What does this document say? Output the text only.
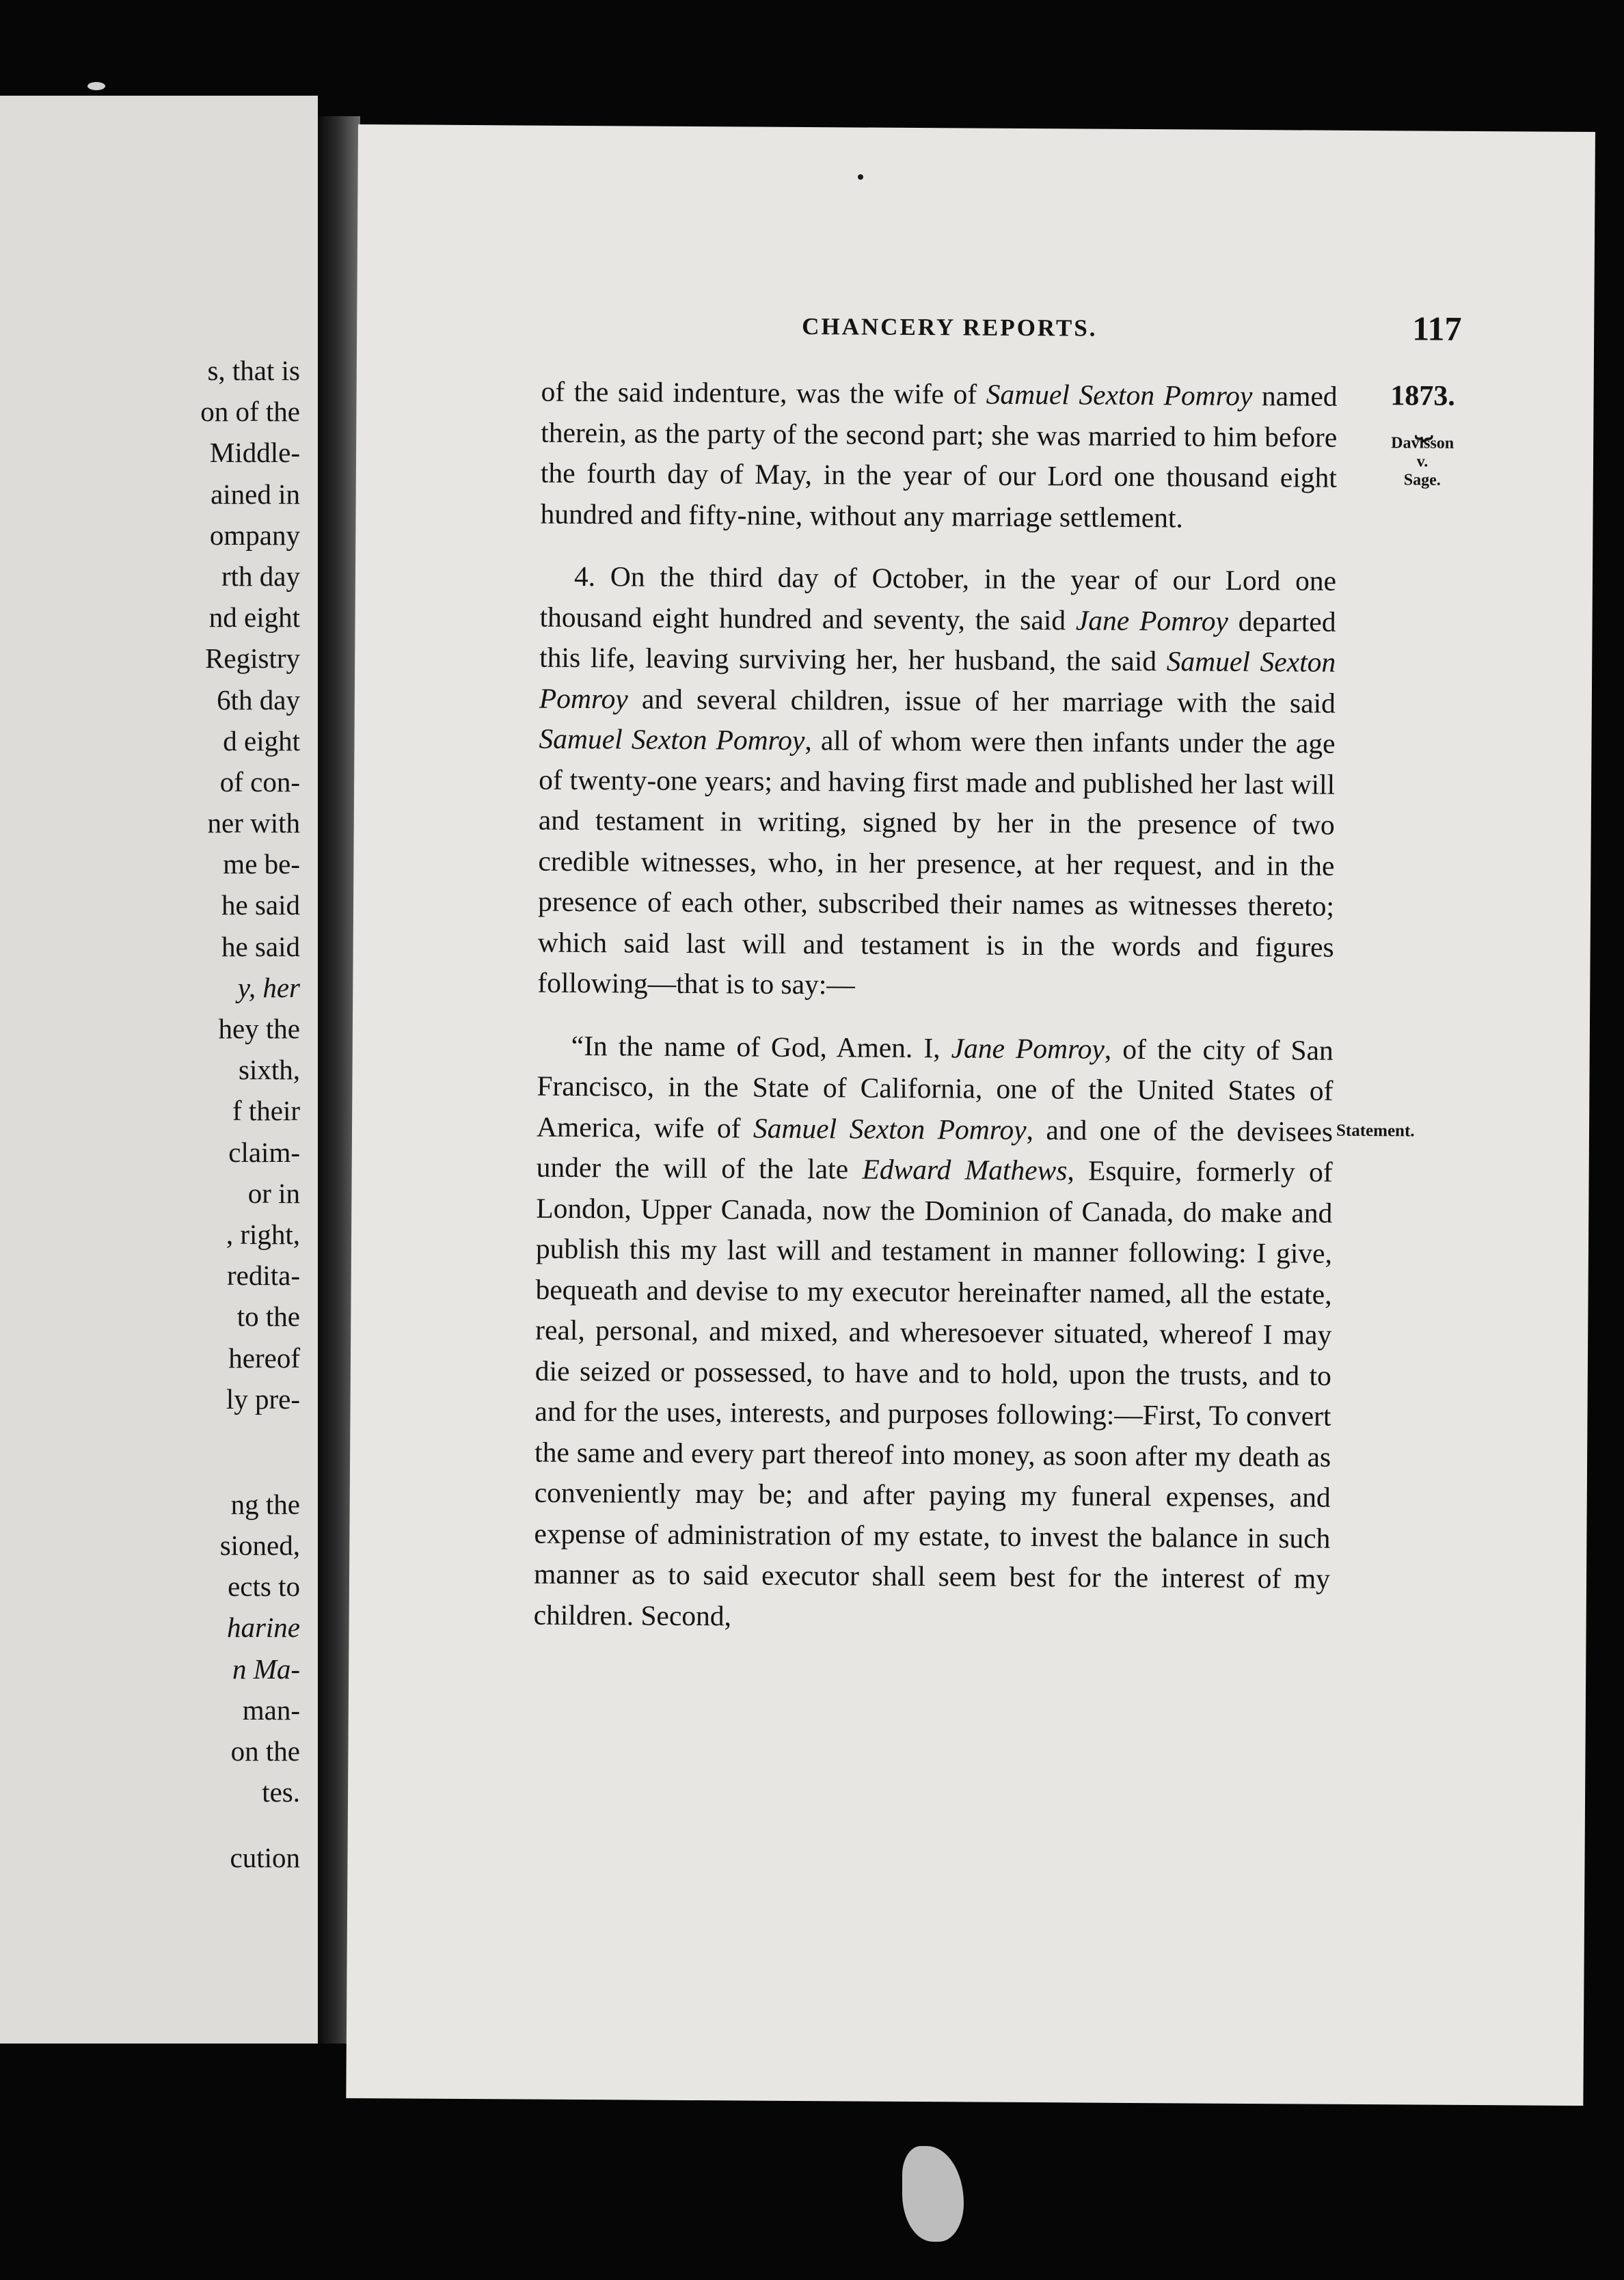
s, that is
on of the
Middle-
ained in
ompany
rth day
nd eight
Registry
6th day
d eight
of con-
ner with
me be-
he said
he said
y, her
hey the
sixth,
f their
claim-
or in
, right,
redita-
to the
hereof
ly pre-
ng the
sioned,
ects to
harine
n Ma-
man-
on the
tes.
cution
CHANCERY REPORTS.	117
1873.
⏟
Davisson
v.
Sage.
Statement.

of the said indenture, was the wife of Samuel Sexton Pomroy named therein, as the party of the second part; she was married to him before the fourth day of May, in the year of our Lord one thousand eight hundred and fifty-nine, without any marriage settlement.

4. On the third day of October, in the year of our Lord one thousand eight hundred and seventy, the said Jane Pomroy departed this life, leaving surviving her, her husband, the said Samuel Sexton Pomroy and several children, issue of her marriage with the said Samuel Sexton Pomroy, all of whom were then infants under the age of twenty-one years; and having first made and published her last will and testament in writing, signed by her in the presence of two credible witnesses, who, in her presence, at her request, and in the presence of each other, subscribed their names as witnesses thereto; which said last will and testament is in the words and figures following—that is to say:—

“In the name of God, Amen. I, Jane Pomroy, of the city of San Francisco, in the State of California, one of the United States of America, wife of Samuel Sexton Pomroy, and one of the devisees under the will of the late Edward Mathews, Esquire, formerly of London, Upper Canada, now the Dominion of Canada, do make and publish this my last will and testament in manner following: I give, bequeath and devise to my executor hereinafter named, all the estate, real, personal, and mixed, and wheresoever situated, whereof I may die seized or possessed, to have and to hold, upon the trusts, and to and for the uses, interests, and purposes following:—First, To convert the same and every part thereof into money, as soon after my death as conveniently may be; and after paying my funeral expenses, and expense of administration of my estate, to invest the balance in such manner as to said executor shall seem best for the interest of my children. Second,
